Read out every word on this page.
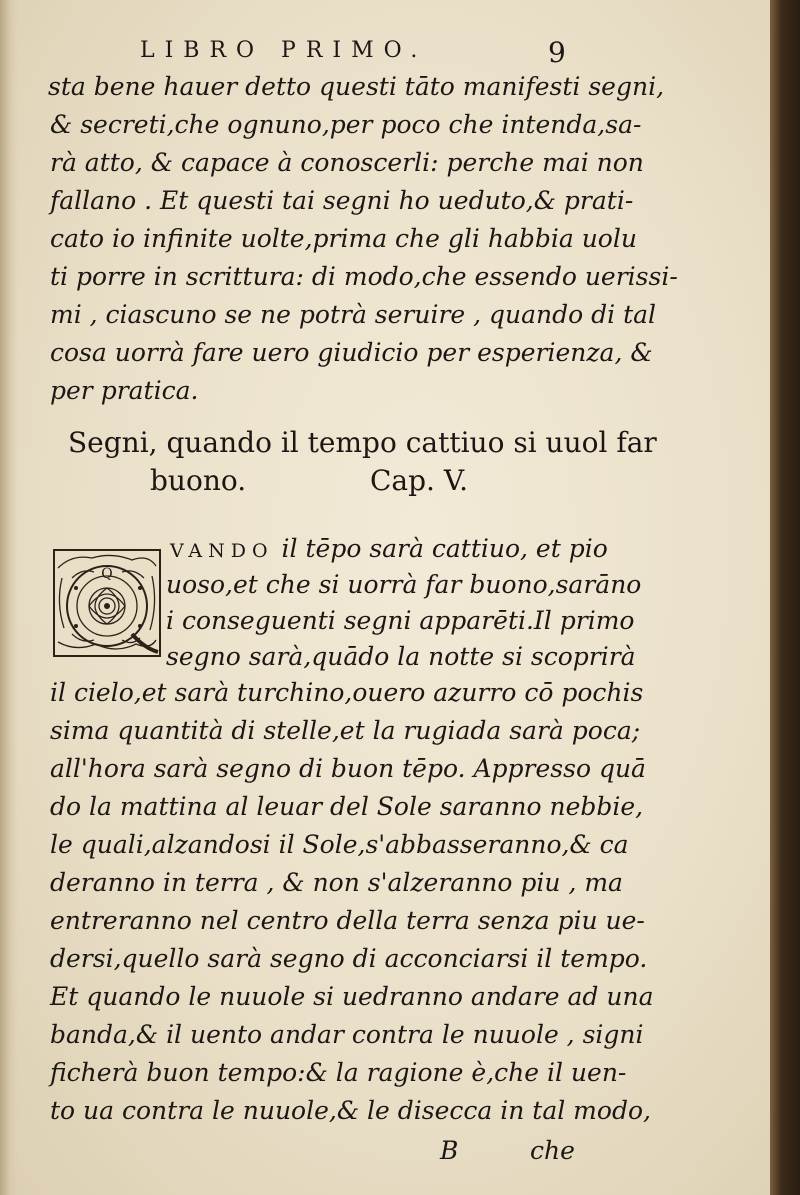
LIBRO PRIMO.	9
sta bene hauer detto questi tāto manifesti segni,
& secreti,che ognuno,per poco che intenda,sa-
rà atto, & capace à conoscerli: perche mai non
fallano . Et questi tai segni ho ueduto,& prati-
cato io infinite uolte,prima che gli habbia uolu
ti porre in scrittura: di modo,che essendo uerissi-
mi , ciascuno se ne potrà seruire , quando di tal
cosa uorrà fare uero giudicio per esperienza, &
per pratica.
Segni, quando il tempo cattiuo si uuol far
buono.	Cap. V.
Q
VANDO il tēpo sarà cattiuo, et pio
uoso,et che si uorrà far buono,sarāno
i conseguenti segni apparēti.Il primo
segno sarà,quādo la notte si scoprirà
il cielo,et sarà turchino,ouero azurro cō pochis
sima quantità di stelle,et la rugiada sarà poca;
all'hora sarà segno di buon tēpo. Appresso quā
do la mattina al leuar del Sole saranno nebbie,
le quali,alzandosi il Sole,s'abbasseranno,& ca
deranno in terra , & non s'alzeranno piu , ma
entreranno nel centro della terra senza piu ue-
dersi,quello sarà segno di acconciarsi il tempo.
Et quando le nuuole si uedranno andare ad una
banda,& il uento andar contra le nuuole , signi
ficherà buon tempo:& la ragione è,che il uen-
to ua contra le nuuole,& le disecca in tal modo,
B	che
